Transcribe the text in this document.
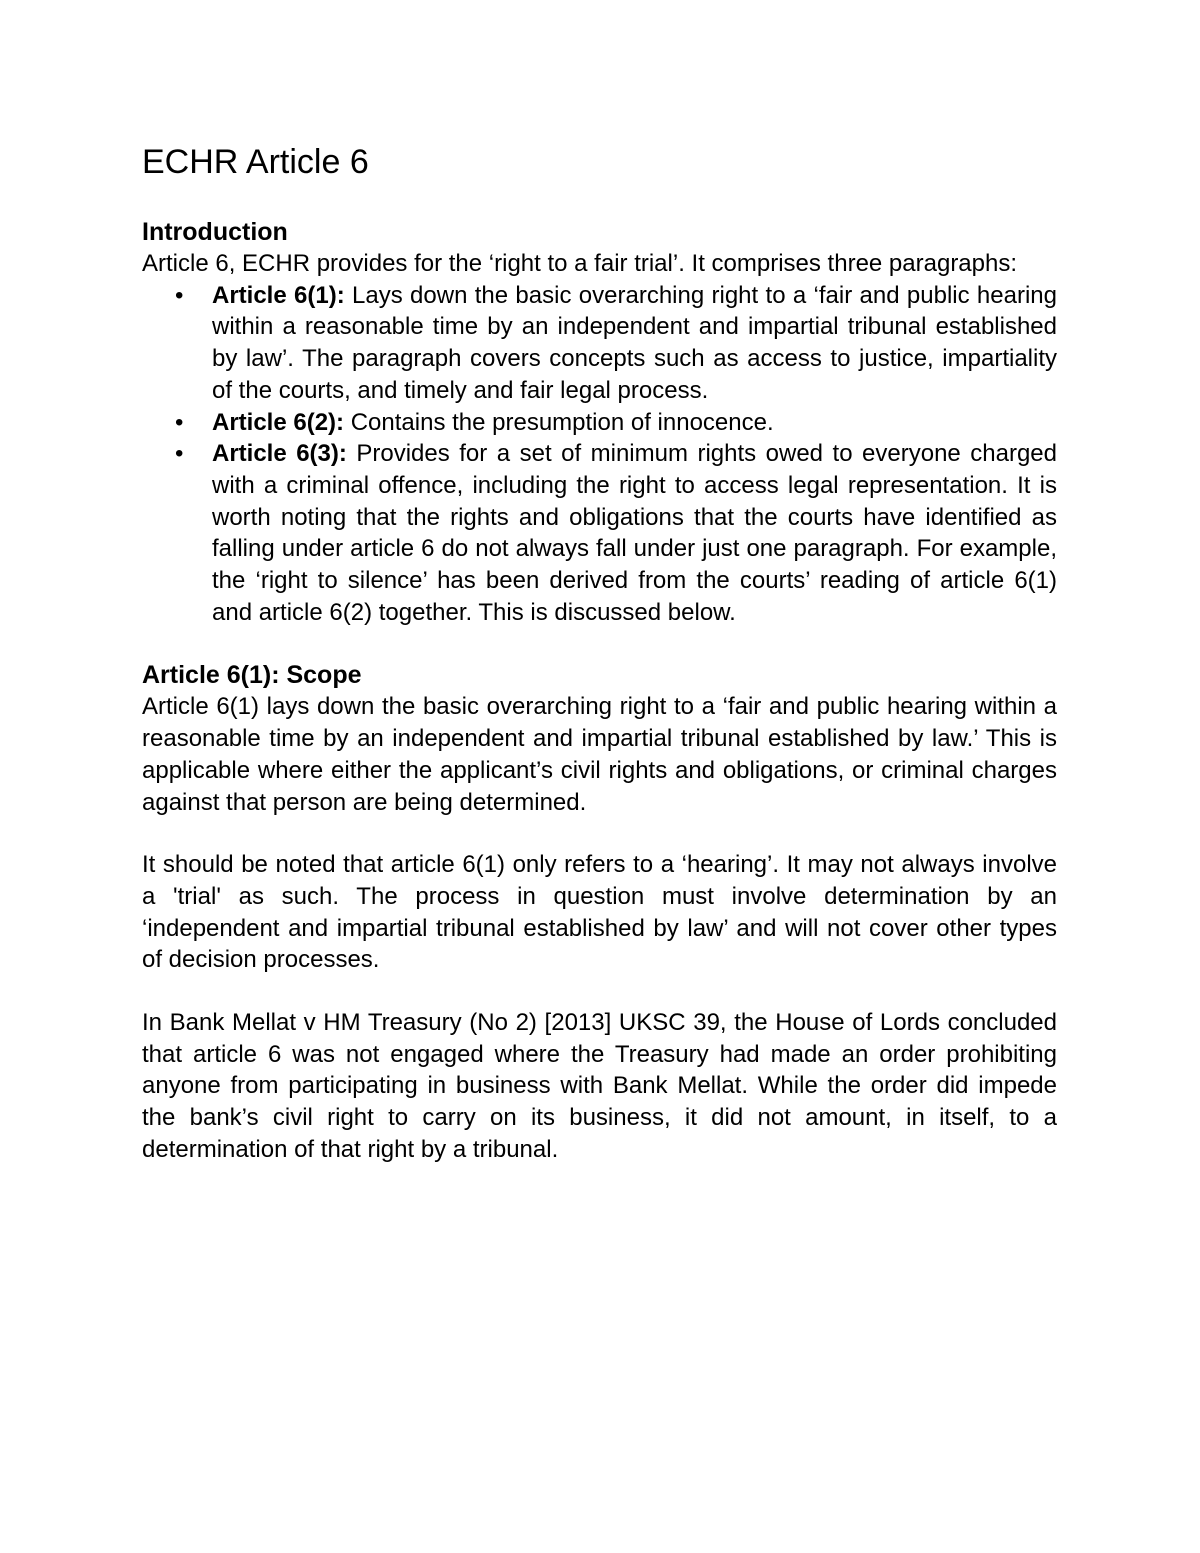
ECHR Article 6
Introduction

Article 6, ECHR provides for the ‘right to a fair trial’. It comprises three paragraphs:

• Article 6(1): Lays down the basic overarching right to a ‘fair and public hearing within a reasonable time by an independent and impartial tribunal established by law’. The paragraph covers concepts such as access to justice, impartiality of the courts, and timely and fair legal process.
• Article 6(2): Contains the presumption of innocence.
• Article 6(3): Provides for a set of minimum rights owed to everyone charged with a criminal offence, including the right to access legal representation. It is worth noting that the rights and obligations that the courts have identified as falling under article 6 do not always fall under just one paragraph. For example, the ‘right to silence’ has been derived from the courts’ reading of article 6(1) and article 6(2) together. This is discussed below.
Article 6(1): Scope

Article 6(1) lays down the basic overarching right to a ‘fair and public hearing within a reasonable time by an independent and impartial tribunal established by law.’ This is applicable where either the applicant’s civil rights and obligations, or criminal charges against that person are being determined.

It should be noted that article 6(1) only refers to a ‘hearing’. It may not always involve a 'trial' as such. The process in question must involve determination by an ‘independent and impartial tribunal established by law’ and will not cover other types of decision processes.

In Bank Mellat v HM Treasury (No 2) [2013] UKSC 39, the House of Lords concluded that article 6 was not engaged where the Treasury had made an order prohibiting anyone from participating in business with Bank Mellat. While the order did impede the bank’s civil right to carry on its business, it did not amount, in itself, to a determination of that right by a tribunal.
